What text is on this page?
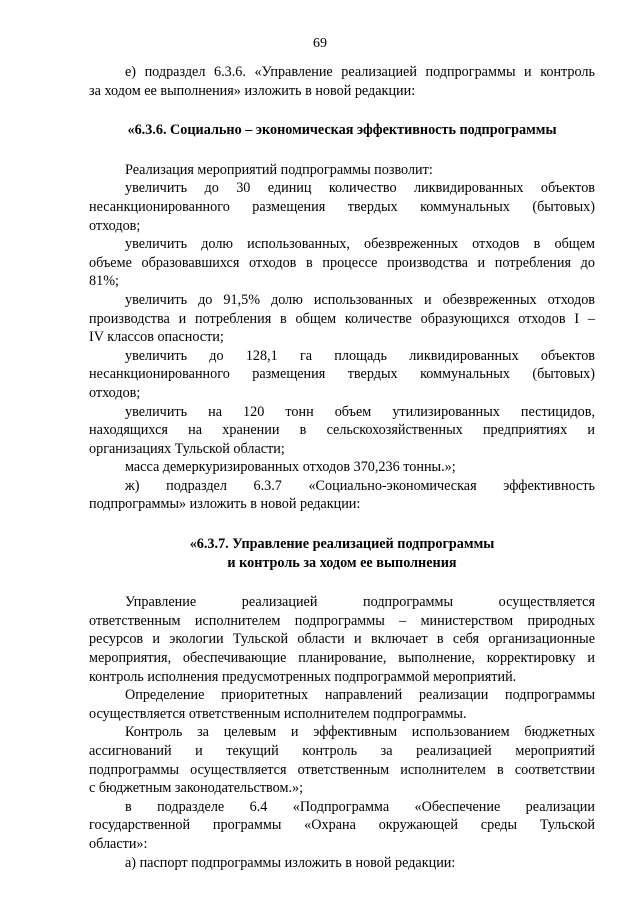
69

е) подраздел 6.3.6. «Управление реализацией подпрограммы и контроль

за ходом ее выполнения» изложить в новой редакции:

«6.3.6. Социально – экономическая эффективность подпрограммы

Реализация мероприятий подпрограммы позволит:

увеличить до 30 единиц количество ликвидированных объектов

несанкционированного размещения твердых коммунальных (бытовых)

отходов;

увеличить долю использованных, обезвреженных отходов в общем

объеме образовавшихся отходов в процессе производства и потребления до

81%;

увеличить до 91,5% долю использованных и обезвреженных отходов

производства и потребления в общем количестве образующихся отходов I –

IV классов опасности;

увеличить до 128,1 га площадь ликвидированных объектов

несанкционированного размещения твердых коммунальных (бытовых)

отходов;

увеличить на 120 тонн объем утилизированных пестицидов,

находящихся на хранении в сельскохозяйственных предприятиях и

организациях Тульской области;

масса демеркуризированных отходов 370,236 тонны.»;

ж) подраздел 6.3.7 «Социально-экономическая эффективность

подпрограммы» изложить в новой редакции:

«6.3.7. Управление реализацией подпрограммы

и контроль за ходом ее выполнения

Управление реализацией подпрограммы осуществляется

ответственным исполнителем подпрограммы – министерством природных

ресурсов и экологии Тульской области и включает в себя организационные

мероприятия, обеспечивающие планирование, выполнение, корректировку и

контроль исполнения предусмотренных подпрограммой мероприятий.

Определение приоритетных направлений реализации подпрограммы

осуществляется ответственным исполнителем подпрограммы.

Контроль за целевым и эффективным использованием бюджетных

ассигнований и текущий контроль за реализацией мероприятий

подпрограммы осуществляется ответственным исполнителем в соответствии

с бюджетным законодательством.»;

в подразделе 6.4 «Подпрограмма «Обеспечение реализации

государственной программы «Охрана окружающей среды Тульской

области»:

а) паспорт подпрограммы изложить в новой редакции:
